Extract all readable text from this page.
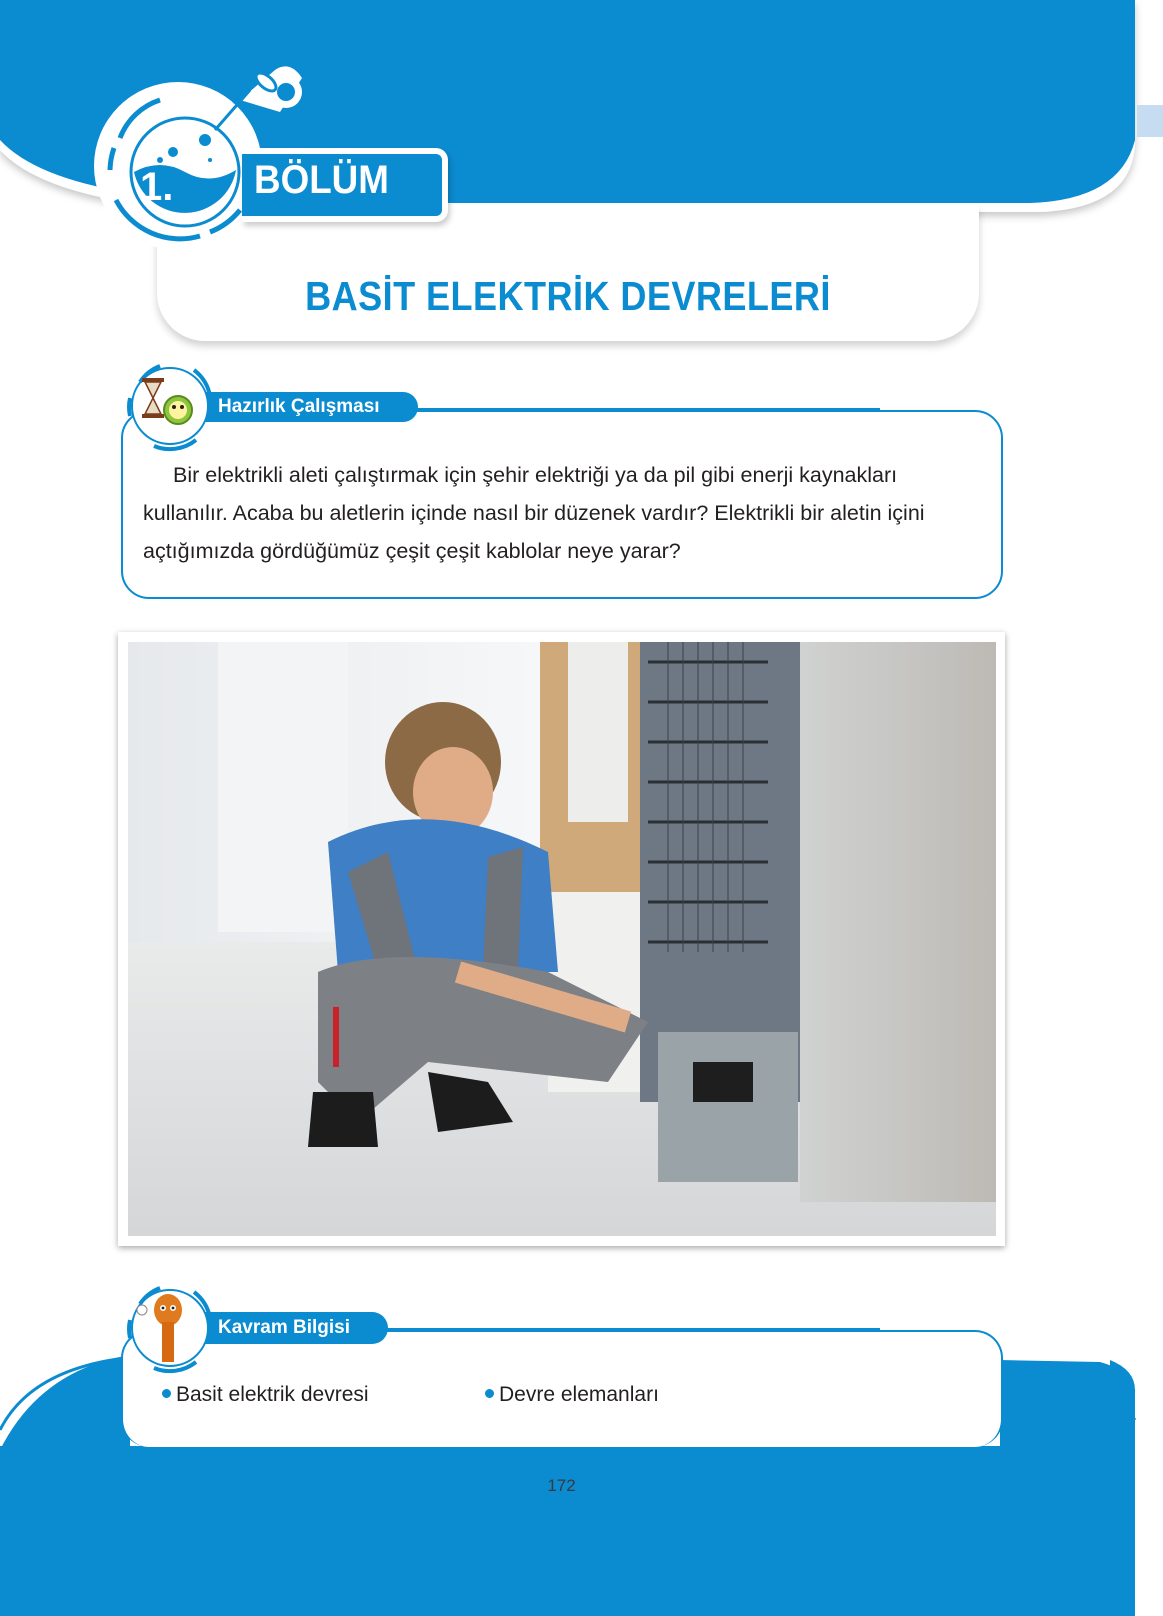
BASİT ELEKTRİK DEVRELERİ
1. BÖLÜM
Hazırlık Çalışması
Bir elektrikli aleti çalıştırmak için şehir elektriği ya da pil gibi enerji kaynakları
kullanılır. Acaba bu aletlerin içinde nasıl bir düzenek vardır? Elektrikli bir aletin içini
açtığımızda gördüğümüz çeşit çeşit kablolar neye yarar?
Kavram Bilgisi
Basit elektrik devresi	Devre elemanları
172
